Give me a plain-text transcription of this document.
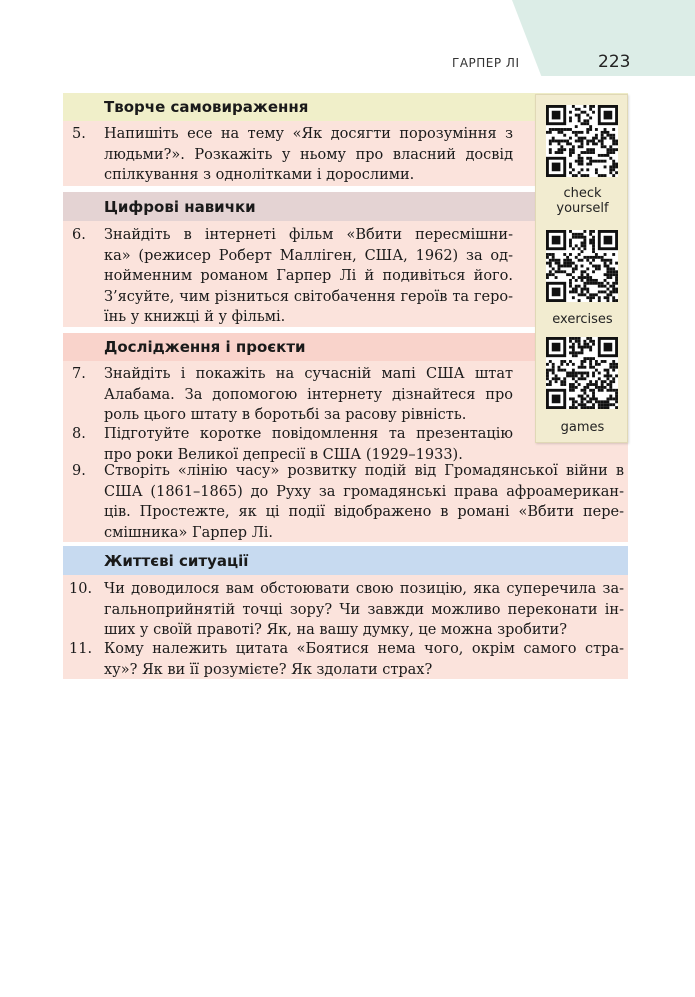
ГАРПЕР ЛІ	223
Творче самовираження
5. Напишіть есе на тему «Як досягти порозуміння з
людьми?». Розкажіть у ньому про власний досвід
спілкування з однолітками і дорослими.
Цифрові навички
6. Знайдіть в інтернеті фільм «Вбити пересмішни-
ка» (режисер Роберт Маллiген, США, 1962) за од-
нойменним романом Гарпер Лі й подивіться його.
З’ясуйте, чим різниться світобачення героїв та геро-
їнь у книжці й у фільмі.
Дослідження і проєкти
7. Знайдіть і покажіть на сучасній мапі США штат
Алабама. За допомогою інтернету дізнайтеся про
роль цього штату в боротьбі за расову рівність.
8. Підготуйте коротке повідомлення та презентацію
про роки Великої депресії в США (1929–1933).
9. Створіть «лінію часу» розвитку подій від Громадянської війни в
США (1861–1865) до Руху за громадянські права афроамерикан-
ців. Простежте, як ці події відображено в романі «Вбити пере-
смішника» Гарпер Лі.
Життєві ситуації
10. Чи доводилося вам обстоювати свою позицію, яка суперечила за-
гальноприйнятій точці зору? Чи завжди можливо переконати ін-
ших у своїй правоті? Як, на вашу думку, це можна зробити?
11. Кому належить цитата «Боятися нема чого, окрім самого стра-
ху»? Як ви її розумієте? Як здолати страх?
check
yourself
exercises
games
